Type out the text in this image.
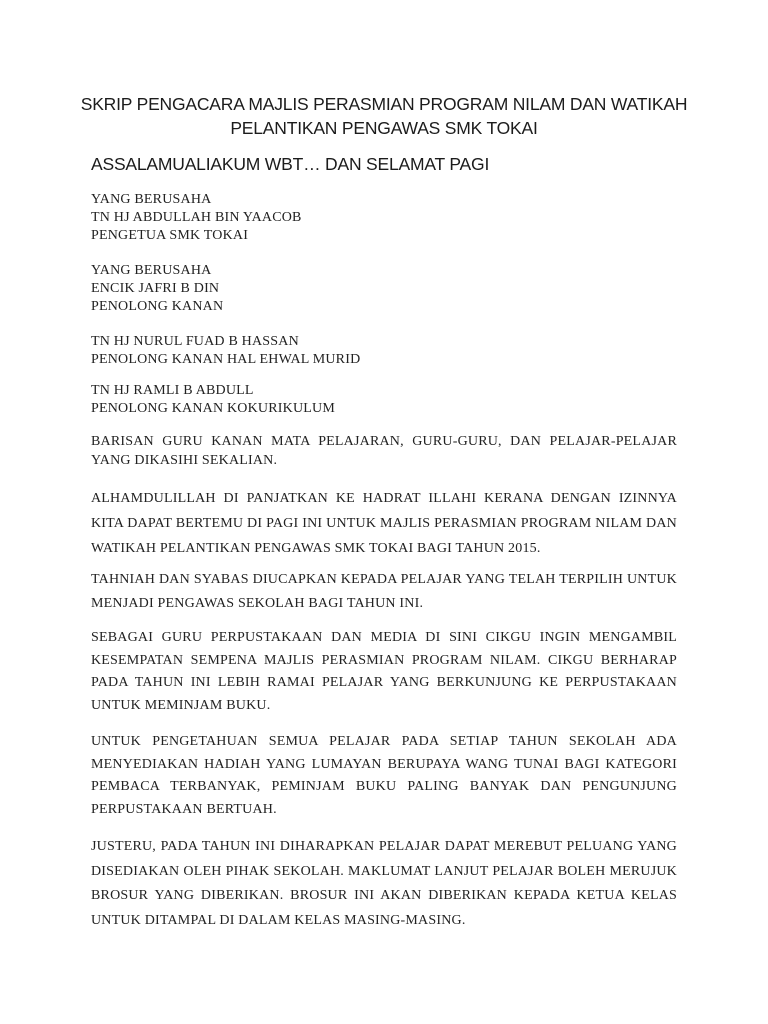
SKRIP PENGACARA MAJLIS PERASMIAN PROGRAM NILAM DAN WATIKAH PELANTIKAN PENGAWAS SMK TOKAI
ASSALAMUALIAKUM WBT… DAN SELAMAT PAGI
YANG BERUSAHA
TN HJ ABDULLAH BIN YAACOB
PENGETUA SMK TOKAI
YANG BERUSAHA
ENCIK JAFRI B DIN
PENOLONG KANAN
TN HJ NURUL FUAD B HASSAN
PENOLONG KANAN HAL EHWAL MURID
TN HJ RAMLI B ABDULL
PENOLONG KANAN KOKURIKULUM
BARISAN GURU KANAN MATA PELAJARAN, GURU-GURU, DAN PELAJAR-PELAJAR YANG DIKASIHI SEKALIAN.
ALHAMDULILLAH DI PANJATKAN KE HADRAT ILLAHI KERANA DENGAN IZINNYA KITA DAPAT BERTEMU DI PAGI INI UNTUK MAJLIS PERASMIAN PROGRAM NILAM DAN WATIKAH PELANTIKAN PENGAWAS SMK TOKAI BAGI TAHUN 2015.
TAHNIAH DAN SYABAS DIUCAPKAN KEPADA PELAJAR YANG TELAH TERPILIH UNTUK MENJADI PENGAWAS SEKOLAH BAGI TAHUN INI.
SEBAGAI GURU PERPUSTAKAAN DAN MEDIA DI SINI CIKGU INGIN MENGAMBIL KESEMPATAN SEMPENA MAJLIS PERASMIAN PROGRAM NILAM. CIKGU BERHARAP PADA TAHUN INI LEBIH RAMAI PELAJAR YANG BERKUNJUNG KE PERPUSTAKAAN UNTUK MEMINJAM BUKU.
UNTUK PENGETAHUAN SEMUA PELAJAR PADA SETIAP TAHUN SEKOLAH ADA MENYEDIAKAN HADIAH YANG LUMAYAN BERUPAYA WANG TUNAI BAGI KATEGORI PEMBACA TERBANYAK, PEMINJAM BUKU PALING BANYAK DAN PENGUNJUNG PERPUSTAKAAN BERTUAH.
JUSTERU, PADA TAHUN INI DIHARAPKAN PELAJAR DAPAT MEREBUT PELUANG YANG DISEDIAKAN OLEH PIHAK SEKOLAH. MAKLUMAT LANJUT PELAJAR BOLEH MERUJUK BROSUR YANG DIBERIKAN. BROSUR INI AKAN DIBERIKAN KEPADA KETUA KELAS UNTUK DITAMPAL DI DALAM KELAS MASING-MASING.
